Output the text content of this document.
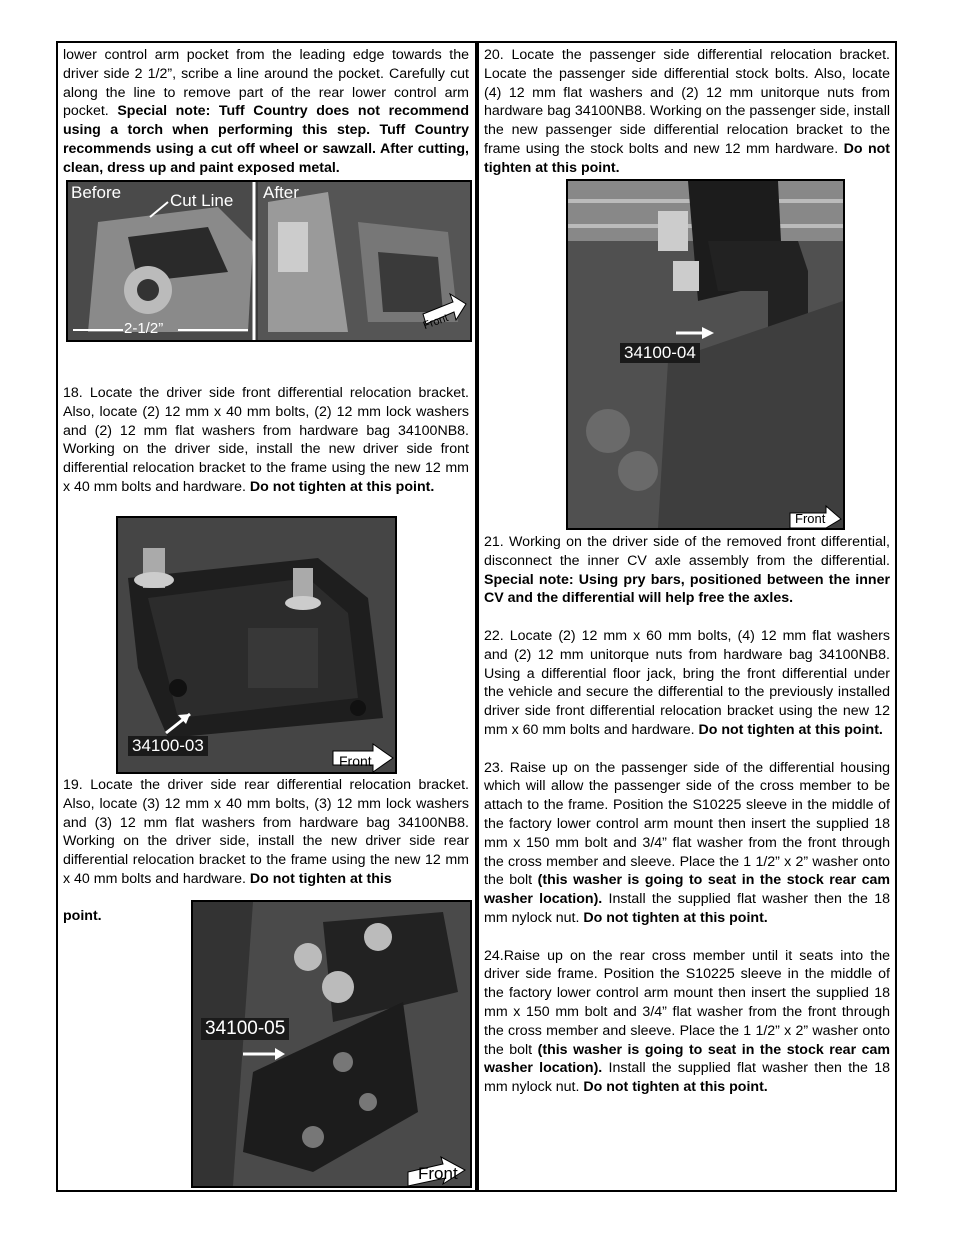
lower control arm pocket from the leading edge towards the driver side 2 1/2”, scribe a line around the pocket. Carefully cut along the line to remove part of the rear lower control arm pocket. Special note: Tuff Country does not recommend using a torch when performing this step. Tuff Country recommends using a cut off wheel or sawzall. After cutting, clean, dress up and paint exposed metal.

Before	Cut Line After
2-1/2”	Front

18. Locate the driver side front differential relocation bracket. Also, locate (2) 12 mm x 40 mm bolts, (2) 12 mm lock washers and (2) 12 mm flat washers from hardware bag 34100NB8. Working on the driver side, install the new driver side front differential relocation bracket to the frame using the new 12 mm x 40 mm bolts and hardware. Do not tighten at this point.

34100-03
Front

19. Locate the driver side rear differential relocation bracket. Also, locate (3) 12 mm x 40 mm bolts, (3) 12 mm lock washers and (3) 12 mm flat washers from hardware bag 34100NB8. Working on the driver side, install the new driver side rear differential relocation bracket to the frame using the new 12 mm x 40 mm bolts and hardware. Do not tighten at this

point.
34100-05
Front

20. Locate the passenger side differential relocation bracket. Locate the passenger side differential stock bolts. Also, locate (4) 12 mm flat washers and (2) 12 mm unitorque nuts from hardware bag 34100NB8. Working on the passenger side, install the new passenger side differential relocation bracket to the frame using the stock bolts and new 12 mm hardware. Do not tighten at this point.

34100-04
Front

21. Working on the driver side of the removed front differential, disconnect the inner CV axle assembly from the differential. Special note: Using pry bars, positioned between the inner CV and the differential will help free the axles.

22. Locate (2) 12 mm x 60 mm bolts, (4) 12 mm flat washers and (2) 12 mm unitorque nuts from hardware bag 34100NB8. Using a differential floor jack, bring the front differential under the vehicle and secure the differential to the previously installed driver side front differential relocation bracket using the new 12 mm x 60 mm bolts and hardware. Do not tighten at this point.

23. Raise up on the passenger side of the differential housing which will allow the passenger side of the cross member to be attach to the frame. Position the S10225 sleeve in the middle of the factory lower control arm mount then insert the supplied 18 mm x 150 mm bolt and 3/4” flat washer from the front through the cross member and sleeve. Place the 1 1/2” x 2” washer onto the bolt (this washer is going to seat in the stock rear cam washer location). Install the supplied flat washer then the 18 mm nylock nut. Do not tighten at this point.

24.Raise up on the rear cross member until it seats into the driver side frame. Position the S10225 sleeve in the middle of the factory lower control arm mount then insert the supplied 18 mm x 150 mm bolt and 3/4” flat washer from the front through the cross member and sleeve. Place the 1 1/2” x 2” washer onto the bolt (this washer is going to seat in the stock rear cam washer location). Install the supplied flat washer then the 18 mm nylock nut. Do not tighten at this point.
